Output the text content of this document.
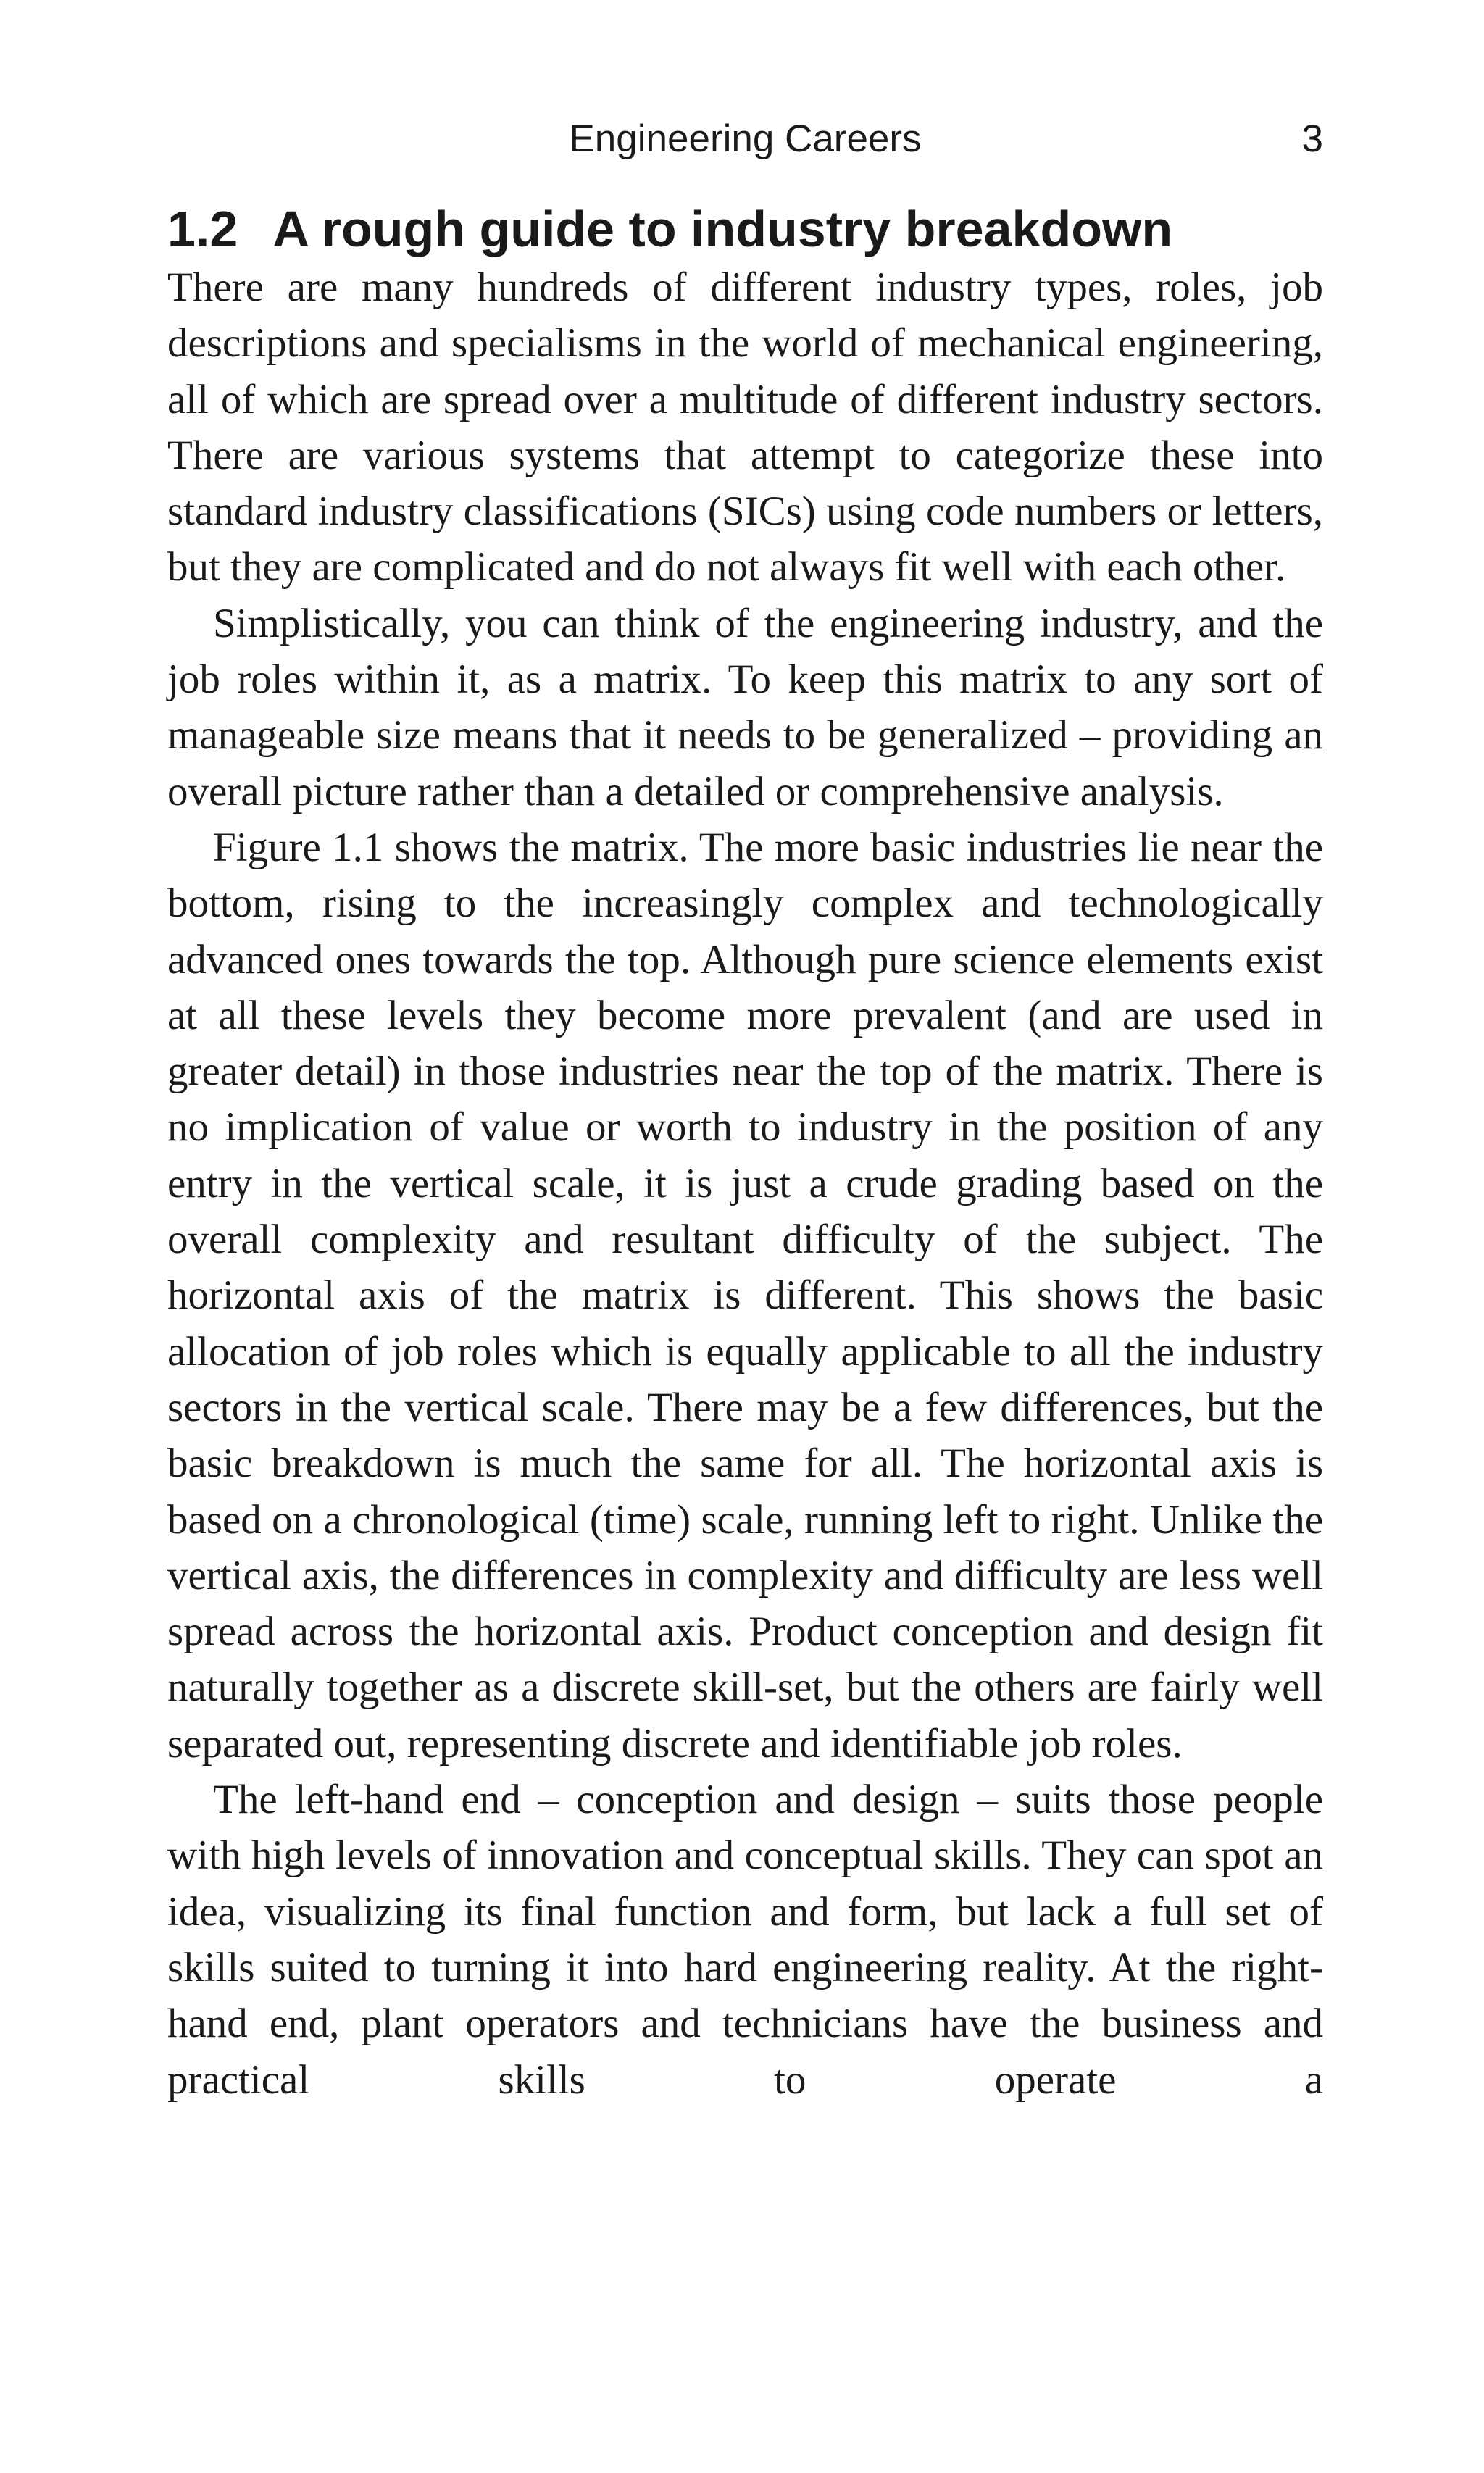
Engineering Careers	3
1.2 A rough guide to industry breakdown

There are many hundreds of different industry types, roles, job descriptions and specialisms in the world of mechanical engineering, all of which are spread over a multitude of different industry sectors. There are various systems that attempt to categorize these into standard industry classifications (SICs) using code numbers or letters, but they are complicated and do not always fit well with each other.

Simplistically, you can think of the engineering industry, and the job roles within it, as a matrix. To keep this matrix to any sort of manageable size means that it needs to be generalized – providing an overall picture rather than a detailed or comprehensive analysis.

Figure 1.1 shows the matrix. The more basic industries lie near the bottom, rising to the increasingly complex and technologically advanced ones towards the top. Although pure science elements exist at all these levels they become more prevalent (and are used in greater detail) in those industries near the top of the matrix. There is no implication of value or worth to industry in the position of any entry in the vertical scale, it is just a crude grading based on the overall complexity and resultant difficulty of the subject. The horizontal axis of the matrix is different. This shows the basic allocation of job roles which is equally applicable to all the industry sectors in the vertical scale. There may be a few differences, but the basic breakdown is much the same for all. The horizontal axis is based on a chronological (time) scale, running left to right. Unlike the vertical axis, the differences in complexity and difficulty are less well spread across the horizontal axis. Product conception and design fit naturally together as a discrete skill-set, but the others are fairly well separated out, representing discrete and identifiable job roles.

The left-hand end – conception and design – suits those people with high levels of innovation and conceptual skills. They can spot an idea, visualizing its final function and form, but lack a full set of skills suited to turning it into hard engineering reality. At the right-hand end, plant operators and technicians have the business and practical skills to operate a
